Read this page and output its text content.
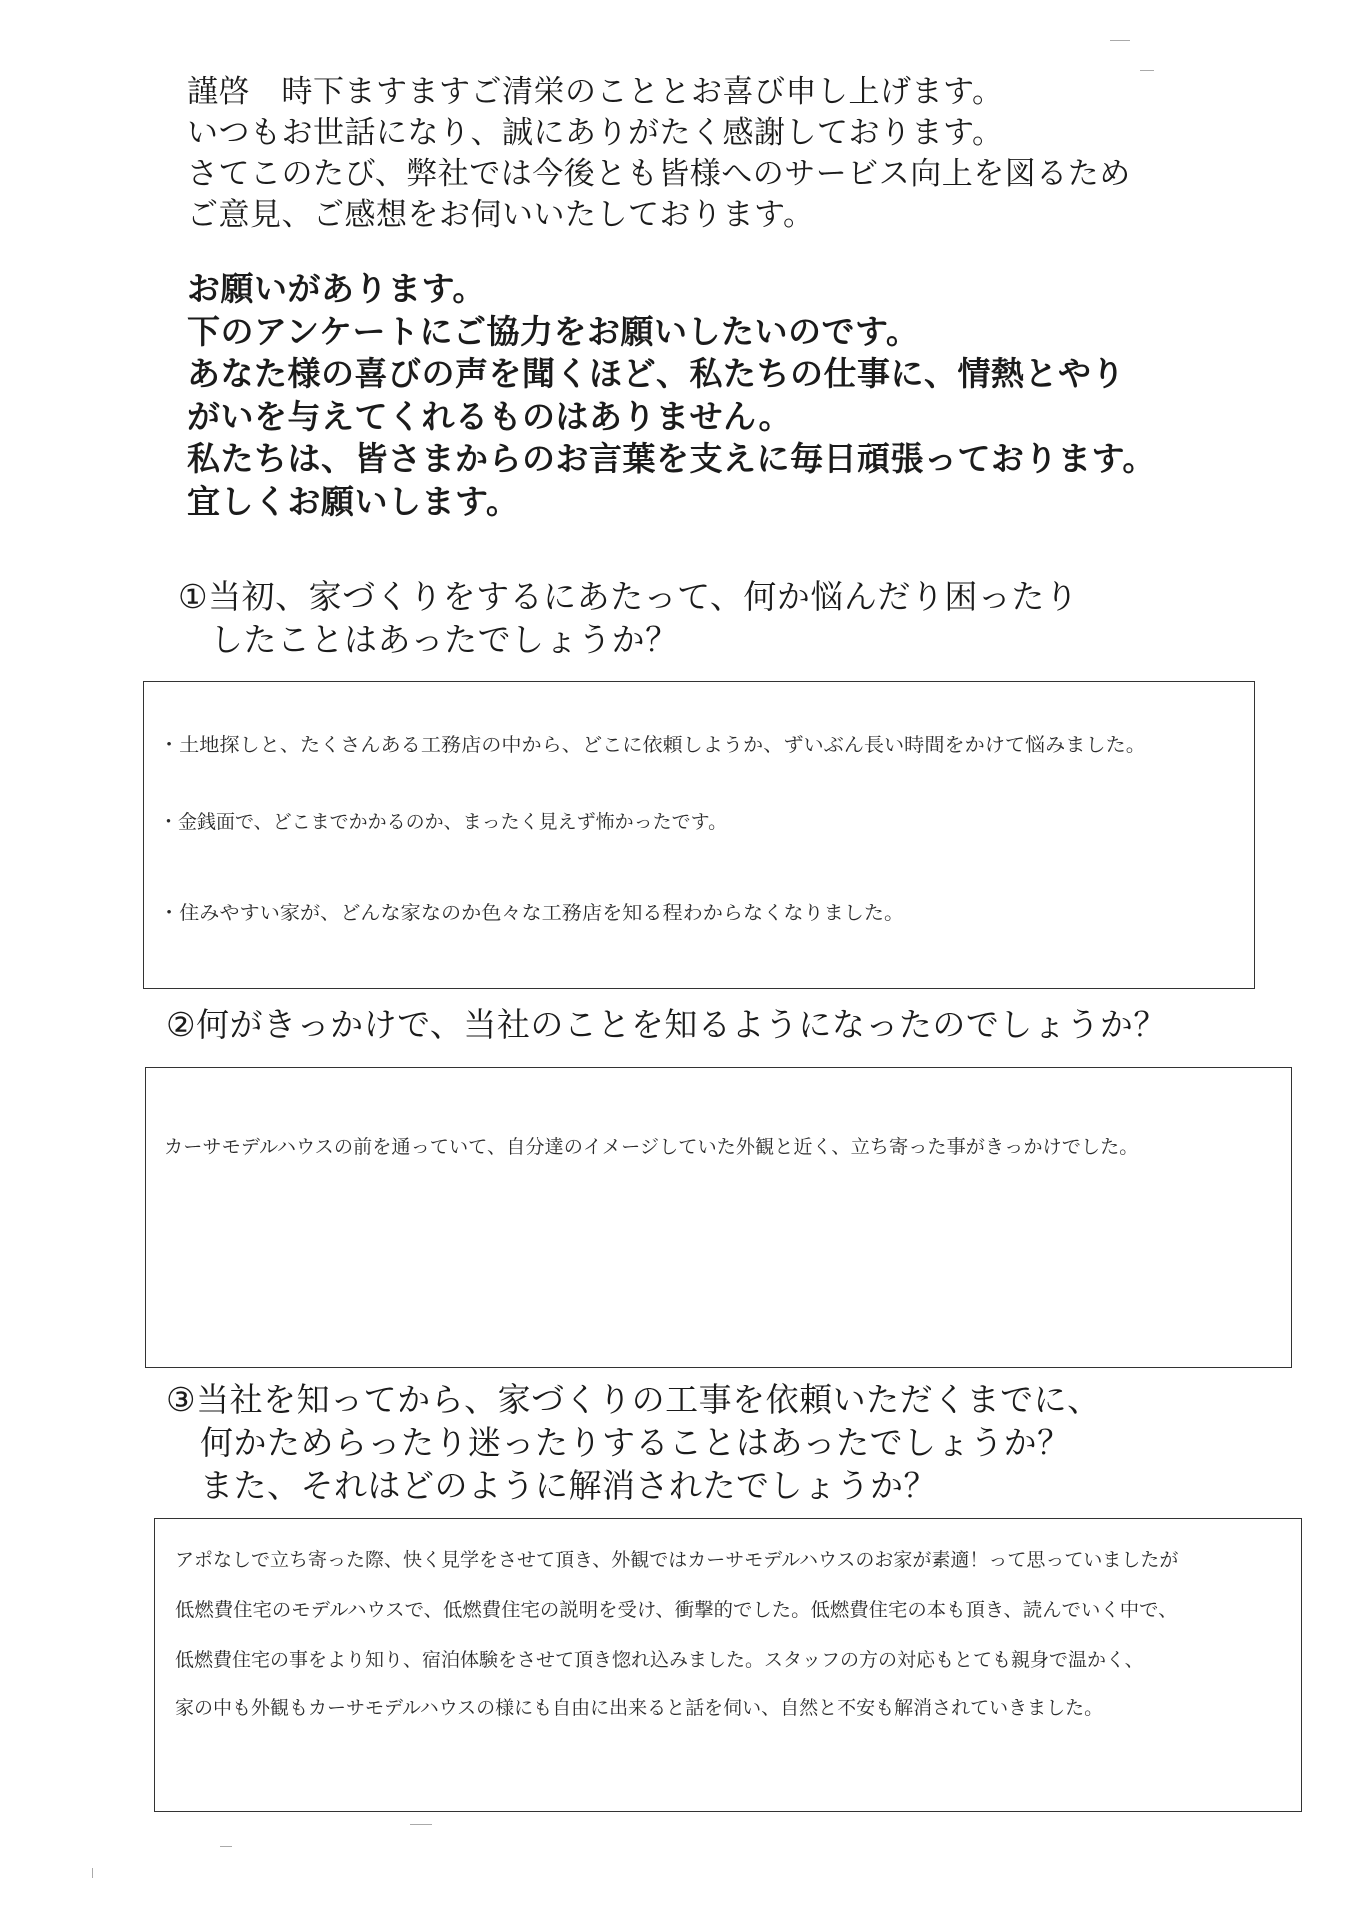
謹啓　時下ますますご清栄のこととお喜び申し上げます。

いつもお世話になり、誠にありがたく感謝しております。

さてこのたび、弊社では今後とも皆様へのサービス向上を図るため

ご意見、ご感想をお伺いいたしております。

お願いがあります。

下のアンケートにご協力をお願いしたいのです。

あなた様の喜びの声を聞くほど、私たちの仕事に、情熱とやり

がいを与えてくれるものはありません。

私たちは、皆さまからのお言葉を支えに毎日頑張っております。

宜しくお願いします。

①当初、家づくりをするにあたって、何か悩んだり困ったり
したことはあったでしょうか？

・土地探しと、たくさんある工務店の中から、どこに依頼しようか、ずいぶん長い時間をかけて悩みました。

・金銭面で、どこまでかかるのか、まったく見えず怖かったです。

・住みやすい家が、どんな家なのか色々な工務店を知る程わからなくなりました。

②何がきっかけで、当社のことを知るようになったのでしょうか？

カーサモデルハウスの前を通っていて、自分達のイメージしていた外観と近く、立ち寄った事がきっかけでした。

③当社を知ってから、家づくりの工事を依頼いただくまでに、
何かためらったり迷ったりすることはあったでしょうか？
また、それはどのように解消されたでしょうか？

アポなしで立ち寄った際、快く見学をさせて頂き、外観ではカーサモデルハウスのお家が素適！って思っていましたが

低燃費住宅のモデルハウスで、低燃費住宅の説明を受け、衝撃的でした。低燃費住宅の本も頂き、読んでいく中で、

低燃費住宅の事をより知り、宿泊体験をさせて頂き惚れ込みました。スタッフの方の対応もとても親身で温かく、

家の中も外観もカーサモデルハウスの様にも自由に出来ると話を伺い、自然と不安も解消されていきました。
